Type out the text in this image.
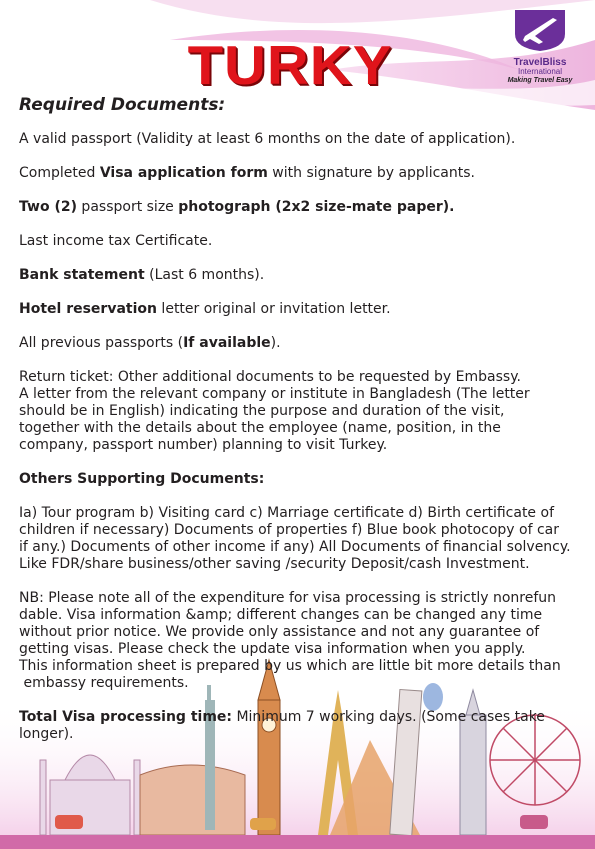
TURKY	TravelBliss
International
Making Travel Easy

Required Documents:

A valid passport (Validity at least 6 months on the date of application).

Completed Visa application form with signature by applicants.

Two (2) passport size photograph (2x2 size-mate paper).

Last income tax Certificate.

Bank statement (Last 6 months).

Hotel reservation letter original or invitation letter.

All previous passports (If available).

Return ticket: Other additional documents to be requested by Embassy.

A letter from the relevant company or institute in Bangladesh (The letter

should be in English) indicating the purpose and duration of the visit,

together with the details about the employee (name, position, in the

company, passport number) planning to visit Turkey.

Others Supporting Documents:

Ia) Tour program b) Visiting card c) Marriage certificate d) Birth certificate of

children if necessary) Documents of properties f) Blue book photocopy of car

if any.) Documents of other income if any) All Documents of financial solvency.

Like FDR/share business/other saving /security Deposit/cash Investment.

NB: Please note all of the expenditure for visa processing is strictly nonrefun

dable. Visa information &amp; different changes can be changed any time

without prior notice. We provide only assistance and not any guarantee of

getting visas. Please check the update visa information when you apply.

This information sheet is prepared by us which are little bit more details than

embassy requirements.

Total Visa processing time: Minimum 7 working days. (Some cases take longer).
